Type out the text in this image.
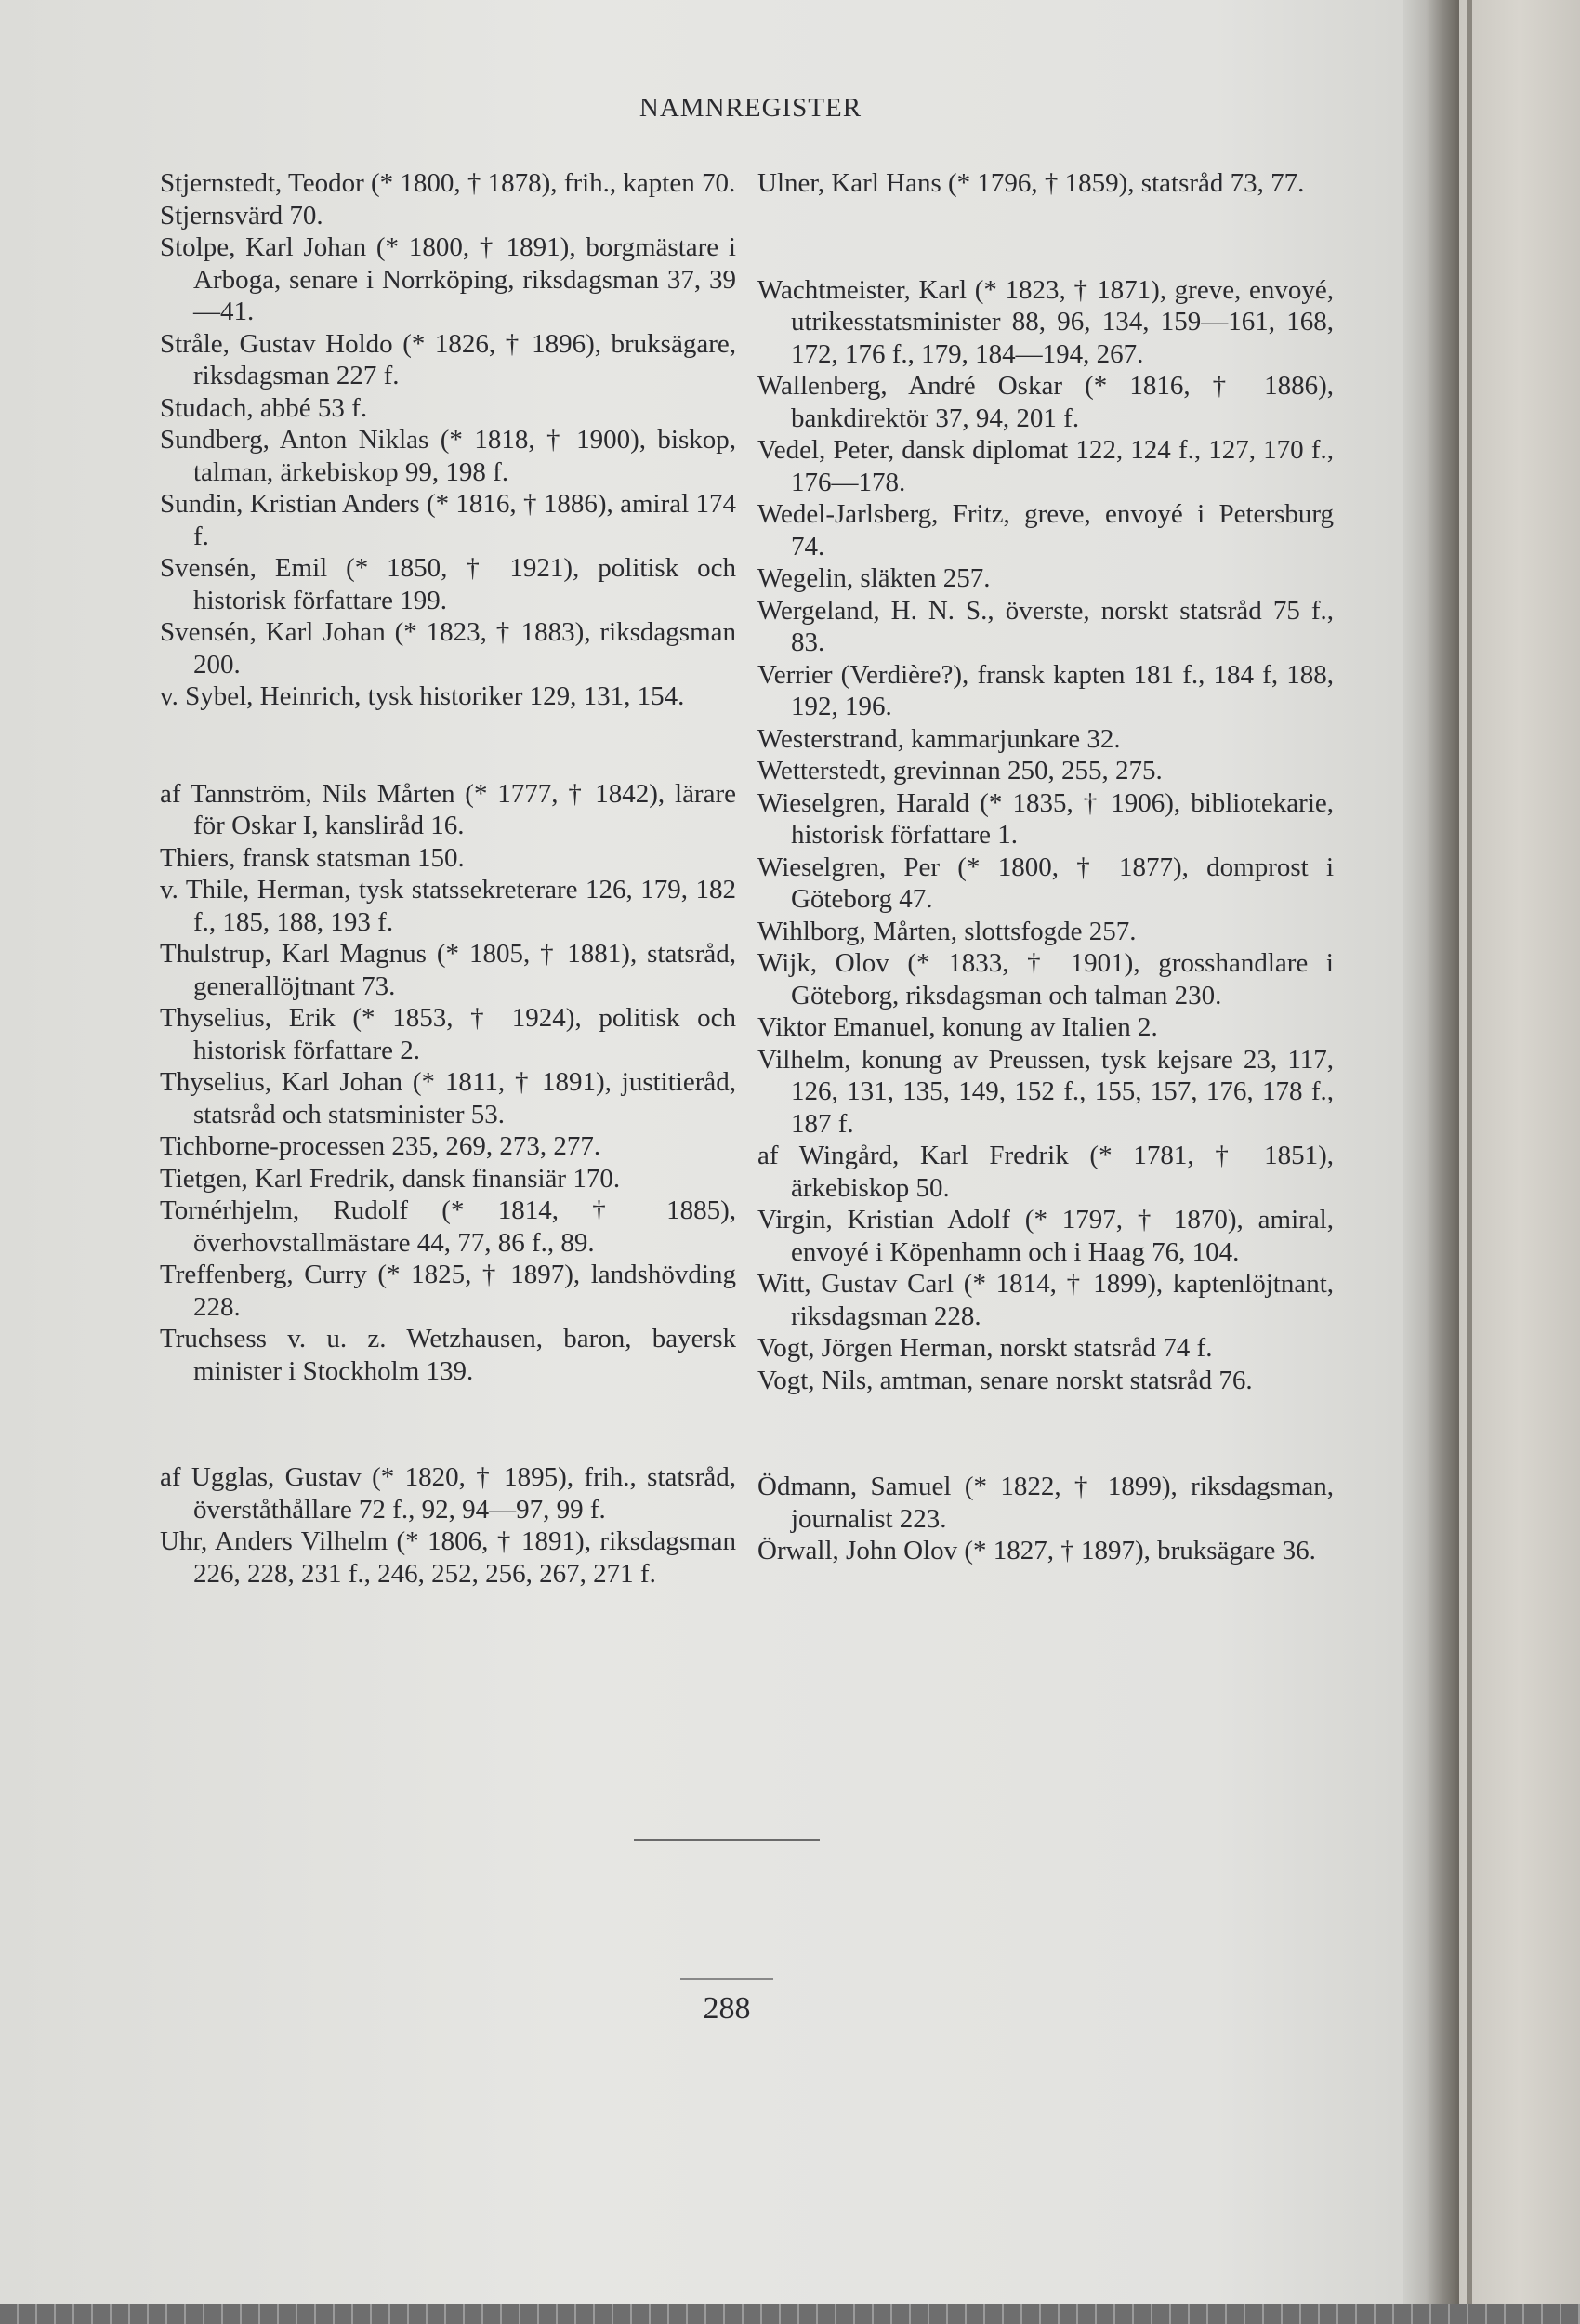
NAMNREGISTER
Stjernstedt, Teodor (* 1800, † 1878), frih., kapten 70.
Stjernsvärd 70.
Stolpe, Karl Johan (* 1800, † 1891), borgmästare i Arboga, senare i Norrköping, riksdagsman 37, 39—41.
Stråle, Gustav Holdo (* 1826, † 1896), bruksägare, riksdagsman 227 f.
Studach, abbé 53 f.
Sundberg, Anton Niklas (* 1818, † 1900), biskop, talman, ärkebiskop 99, 198 f.
Sundin, Kristian Anders (* 1816, † 1886), amiral 174 f.
Svensén, Emil (* 1850, † 1921), politisk och historisk författare 199.
Svensén, Karl Johan (* 1823, † 1883), riksdagsman 200.
v. Sybel, Heinrich, tysk historiker 129, 131, 154.
af Tannström, Nils Mårten (* 1777, † 1842), lärare för Oskar I, kansliråd 16.
Thiers, fransk statsman 150.
v. Thile, Herman, tysk statssekreterare 126, 179, 182 f., 185, 188, 193 f.
Thulstrup, Karl Magnus (* 1805, † 1881), statsråd, generallöjtnant 73.
Thyselius, Erik (* 1853, † 1924), politisk och historisk författare 2.
Thyselius, Karl Johan (* 1811, † 1891), justitieråd, statsråd och statsminister 53.
Tichborne-processen 235, 269, 273, 277.
Tietgen, Karl Fredrik, dansk finansiär 170.
Tornérhjelm, Rudolf (* 1814, † 1885), överhovstallmästare 44, 77, 86 f., 89.
Treffenberg, Curry (* 1825, † 1897), landshövding 228.
Truchsess v. u. z. Wetzhausen, baron, bayersk minister i Stockholm 139.
af Ugglas, Gustav (* 1820, † 1895), frih., statsråd, överståthållare 72 f., 92, 94—97, 99 f.
Uhr, Anders Vilhelm (* 1806, † 1891), riksdagsman 226, 228, 231 f., 246, 252, 256, 267, 271 f.
Ulner, Karl Hans (* 1796, † 1859), statsråd 73, 77.
Wachtmeister, Karl (* 1823, † 1871), greve, envoyé, utrikesstatsminister 88, 96, 134, 159—161, 168, 172, 176 f., 179, 184—194, 267.
Wallenberg, André Oskar (* 1816, † 1886), bankdirektör 37, 94, 201 f.
Vedel, Peter, dansk diplomat 122, 124 f., 127, 170 f., 176—178.
Wedel-Jarlsberg, Fritz, greve, envoyé i Petersburg 74.
Wegelin, släkten 257.
Wergeland, H. N. S., överste, norskt statsråd 75 f., 83.
Verrier (Verdière?), fransk kapten 181 f., 184 f, 188, 192, 196.
Westerstrand, kammarjunkare 32.
Wetterstedt, grevinnan 250, 255, 275.
Wieselgren, Harald (* 1835, † 1906), bibliotekarie, historisk författare 1.
Wieselgren, Per (* 1800, † 1877), domprost i Göteborg 47.
Wihlborg, Mårten, slottsfogde 257.
Wijk, Olov (* 1833, † 1901), grosshandlare i Göteborg, riksdagsman och talman 230.
Viktor Emanuel, konung av Italien 2.
Vilhelm, konung av Preussen, tysk kejsare 23, 117, 126, 131, 135, 149, 152 f., 155, 157, 176, 178 f., 187 f.
af Wingård, Karl Fredrik (* 1781, † 1851), ärkebiskop 50.
Virgin, Kristian Adolf (* 1797, † 1870), amiral, envoyé i Köpenhamn och i Haag 76, 104.
Witt, Gustav Carl (* 1814, † 1899), kaptenlöjtnant, riksdagsman 228.
Vogt, Jörgen Herman, norskt statsråd 74 f.
Vogt, Nils, amtman, senare norskt statsråd 76.
Ödmann, Samuel (* 1822, † 1899), riksdagsman, journalist 223.
Örwall, John Olov (* 1827, † 1897), bruksägare 36.
288
